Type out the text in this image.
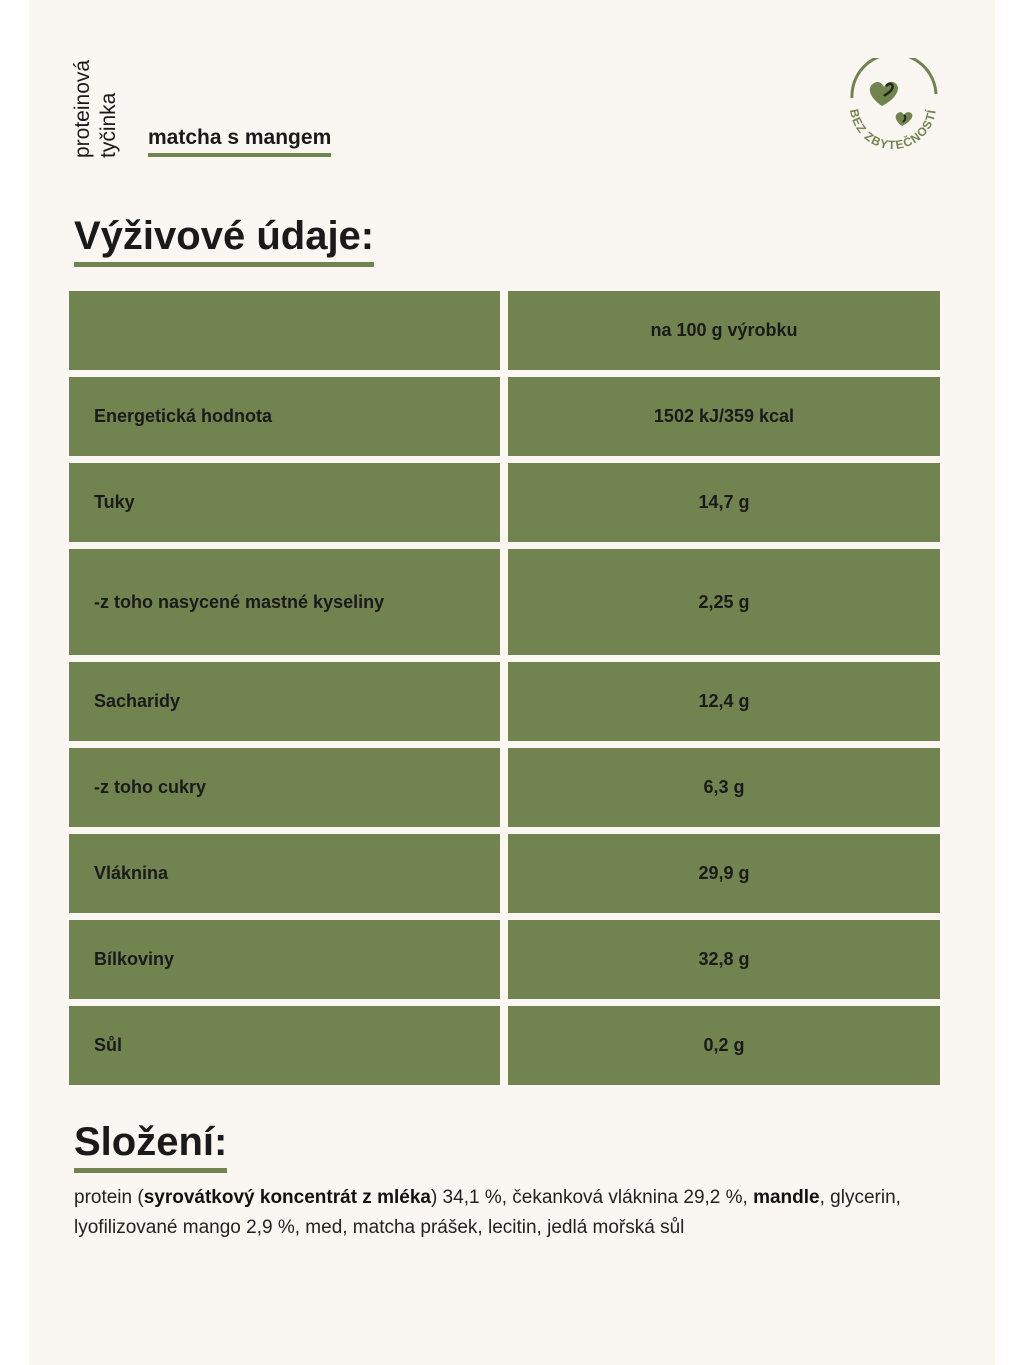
proteinová tyčinka matcha s mangem
BEZ ZBYTEČNOSTÍ
Výživové údaje:
na 100 g výrobku
Energetická hodnota	1502 kJ/359 kcal
Tuky	14,7 g
-z toho nasycené mastné kyseliny	2,25 g
Sacharidy	12,4 g
-z toho cukry	6,3 g
Vláknina	29,9 g
Bílkoviny	32,8 g
Sůl	0,2 g
Složení:
protein (syrovátkový koncentrát z mléka) 34,1 %, čekanková vláknina 29,2 %, mandle, glycerin, lyofilizované mango 2,9 %, med, matcha prášek, lecitin, jedlá mořská sůl
